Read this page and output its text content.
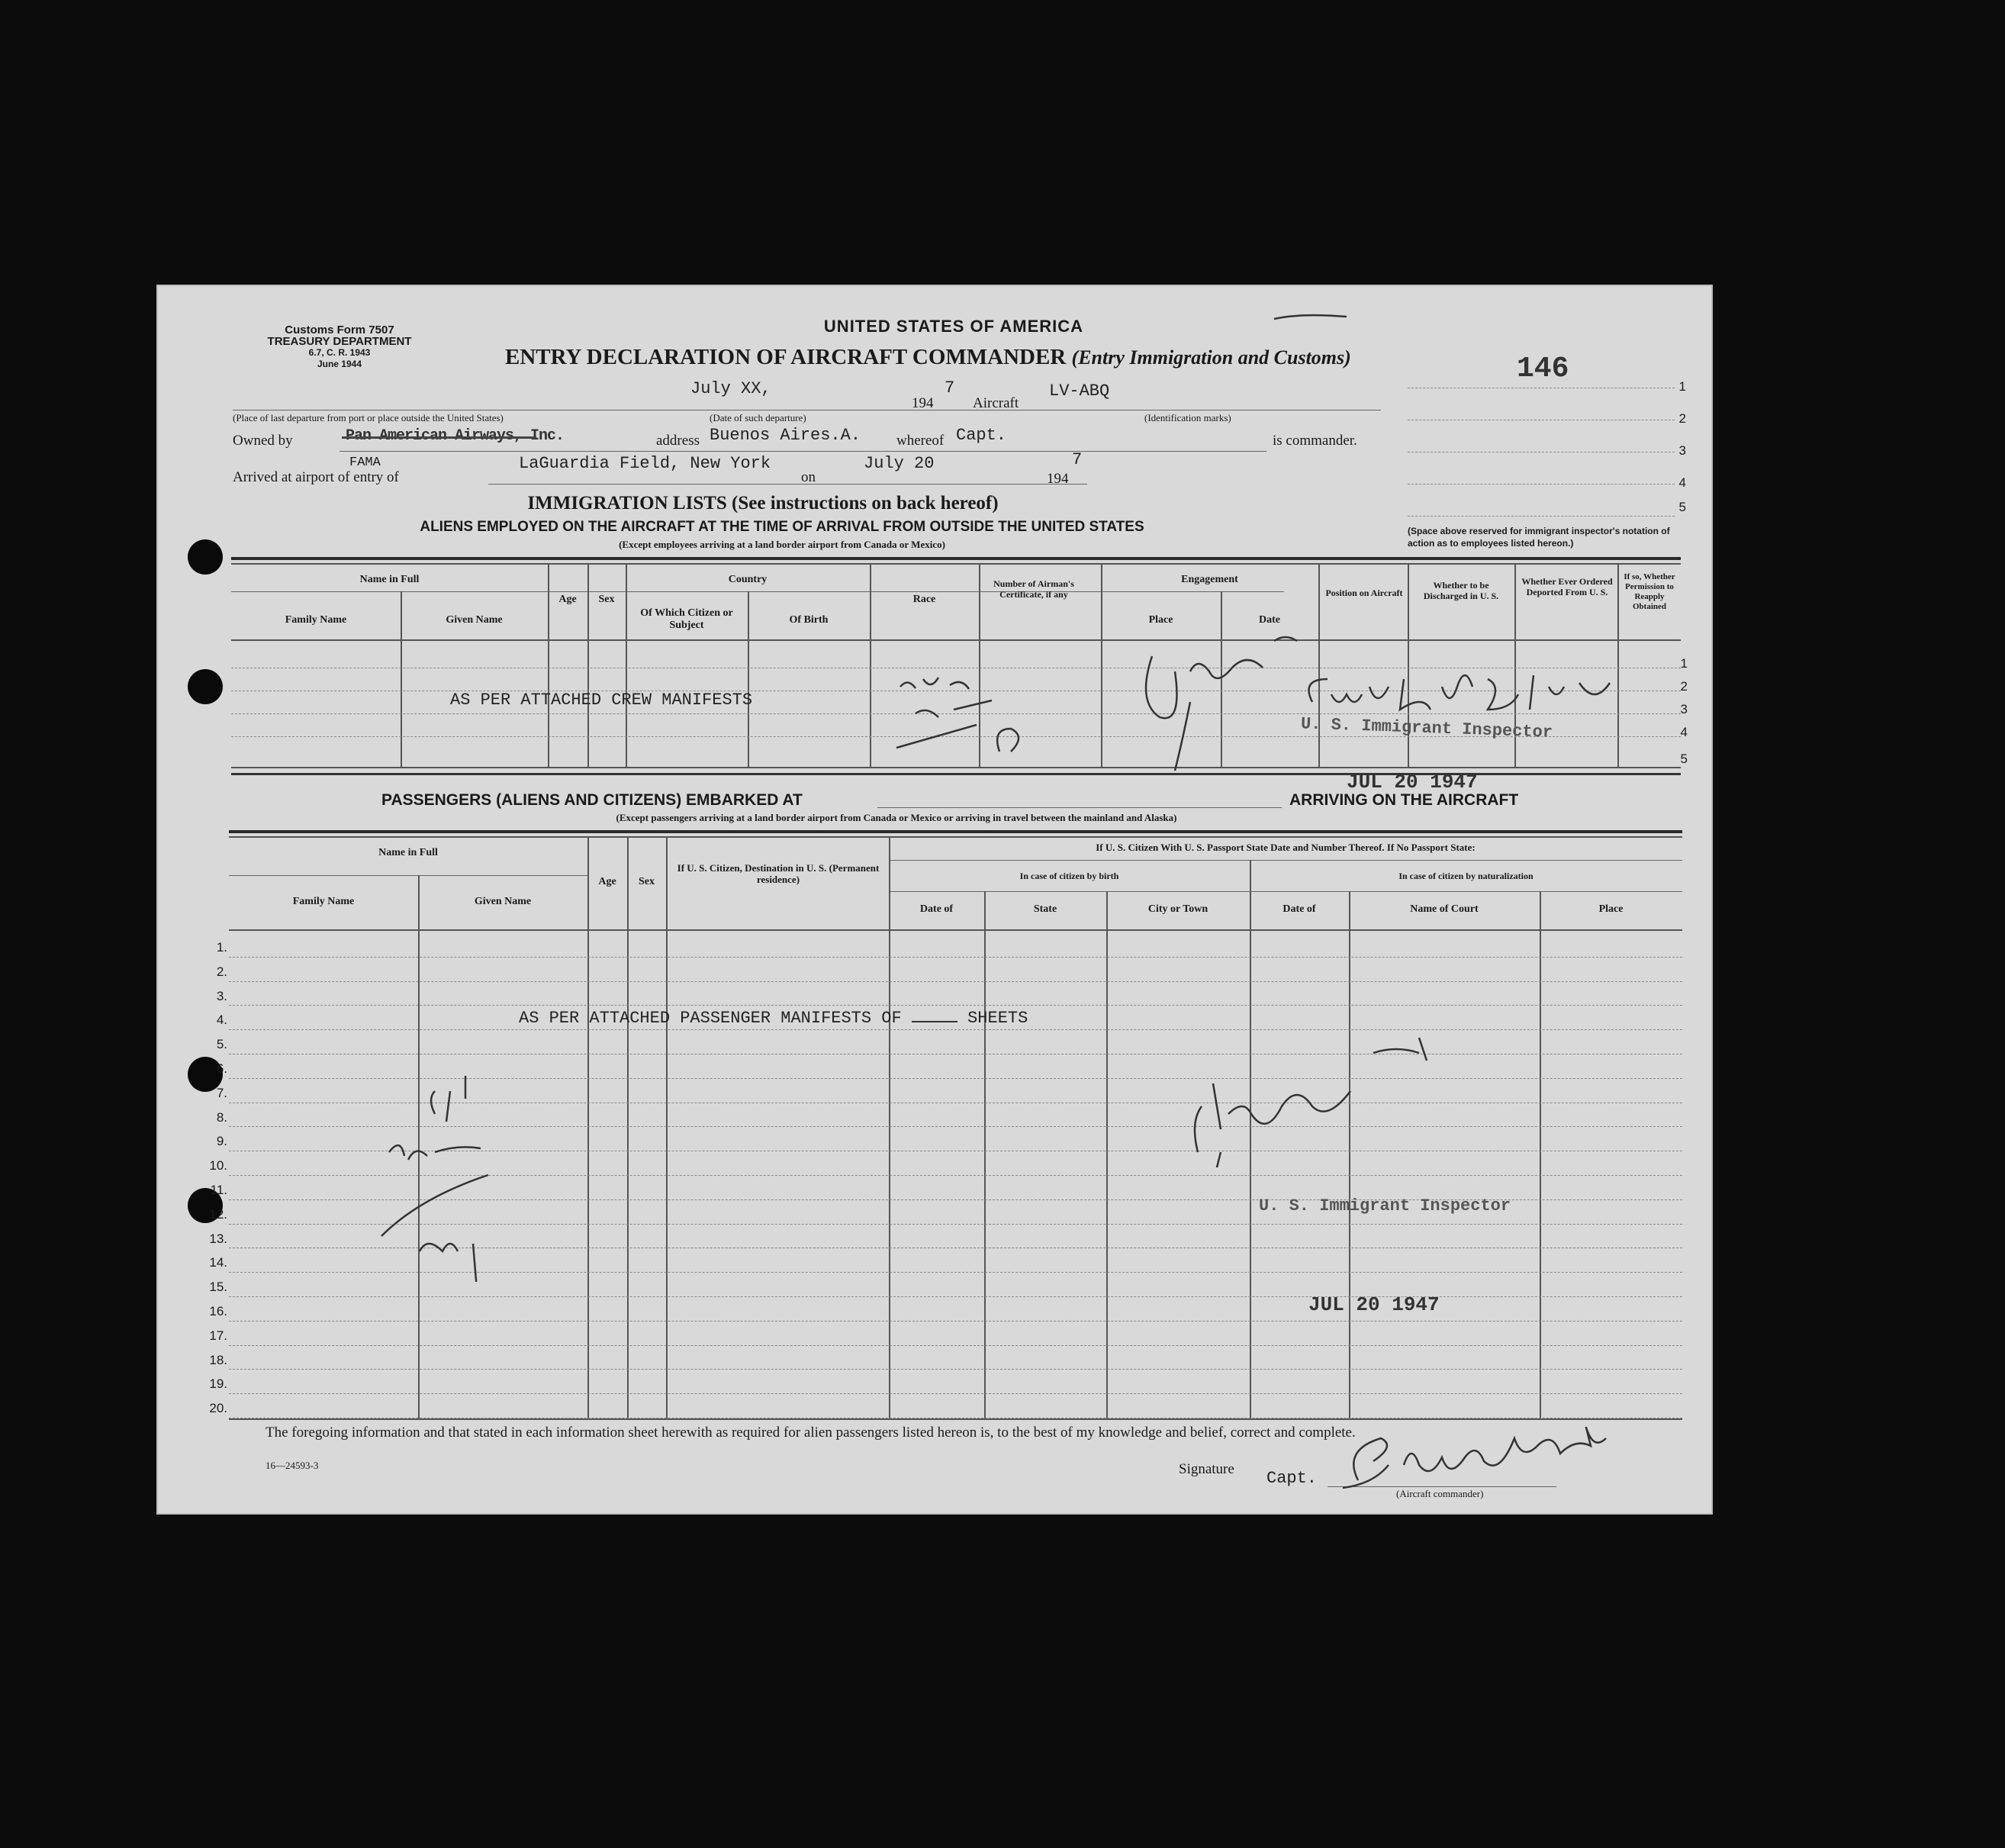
Customs Form 7507
TREASURY DEPARTMENT
6.7, C. R. 1943
June 1944
UNITED STATES OF AMERICA
ENTRY DECLARATION OF AIRCRAFT COMMANDER (Entry Immigration and Customs)	146
1
2
3
4
5
(Space above reserved for immigrant inspector's notation of action as to employees listed hereon.)
July XX,
194
7
Aircraft
LV-ABQ
(Place of last departure from port or place outside the United States)	(Date of such departure)	(Identification marks)
Owned by	Pan American Airways, Inc.	address Buenos Aires.A. whereof Capt.	is commander.
FAMA
Arrived at airport of entry of
LaGuardia Field, New York
on
July 20
194
7
IMMIGRATION LISTS (See instructions on back hereof)
ALIENS EMPLOYED ON THE AIRCRAFT AT THE TIME OF ARRIVAL FROM OUTSIDE THE UNITED STATES
(Except employees arriving at a land border airport from Canada or Mexico)
Name in Full
Family Name	Given Name
Age	Sex
Country
Of Which Citizen or Subject	Of Birth
Race
Number of Airman's Certificate, if any
Engagement
Place	Date
Position on Aircraft
Whether to be Discharged in U. S.
Whether Ever Ordered Deported From U. S.
If so, Whether Permission to Reapply Obtained
1
2
3
4
5
AS PER ATTACHED CREW MANIFESTS
U. S. Immigrant Inspector
JUL 20 1947
PASSENGERS (ALIENS AND CITIZENS) EMBARKED AT	ARRIVING ON THE AIRCRAFT
(Except passengers arriving at a land border airport from Canada or Mexico or arriving in travel between the mainland and Alaska)
Name in Full
Family Name	Given Name
Age	Sex
If U. S. Citizen, Destination in U. S. (Permanent residence)
If U. S. Citizen With U. S. Passport State Date and Number Thereof. If No Passport State:
In case of citizen by birth	In case of citizen by naturalization
Date of	State	City or Town	Date of	Name of Court	Place
1.
2.
3.
4.
5.
6.
7.
8.
9.
10.
11.
12.
13.
14.
15.
16.
17.
18.
19.
20.
AS PER ATTACHED PASSENGER MANIFESTS OF	SHEETS
U. S. Immigrant Inspector
JUL 20 1947
The foregoing information and that stated in each information sheet herewith as required for alien passengers listed hereon is, to the best of my knowledge and belief, correct and complete.
16—24593-3	Signature Capt.
(Aircraft commander)
